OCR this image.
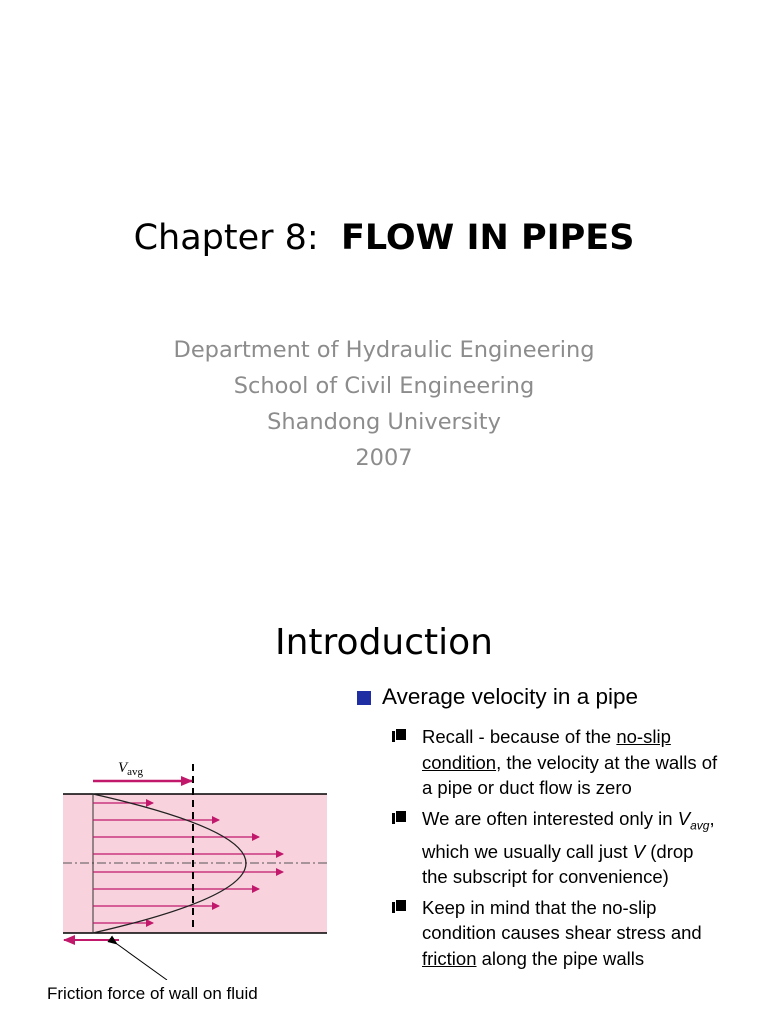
Chapter 8: FLOW IN PIPES
Department of Hydraulic Engineering
School of Civil Engineering
Shandong University
2007
Introduction
$V_{avg}$
Friction force of wall on fluid
Average velocity in a pipe
Recall - because of the no-slip condition, the velocity at the walls of a pipe or duct flow is zero
We are often interested only in $V_{avg}$, which we usually call just V (drop the subscript for convenience)
Keep in mind that the no-slip condition causes shear stress and friction along the pipe walls
